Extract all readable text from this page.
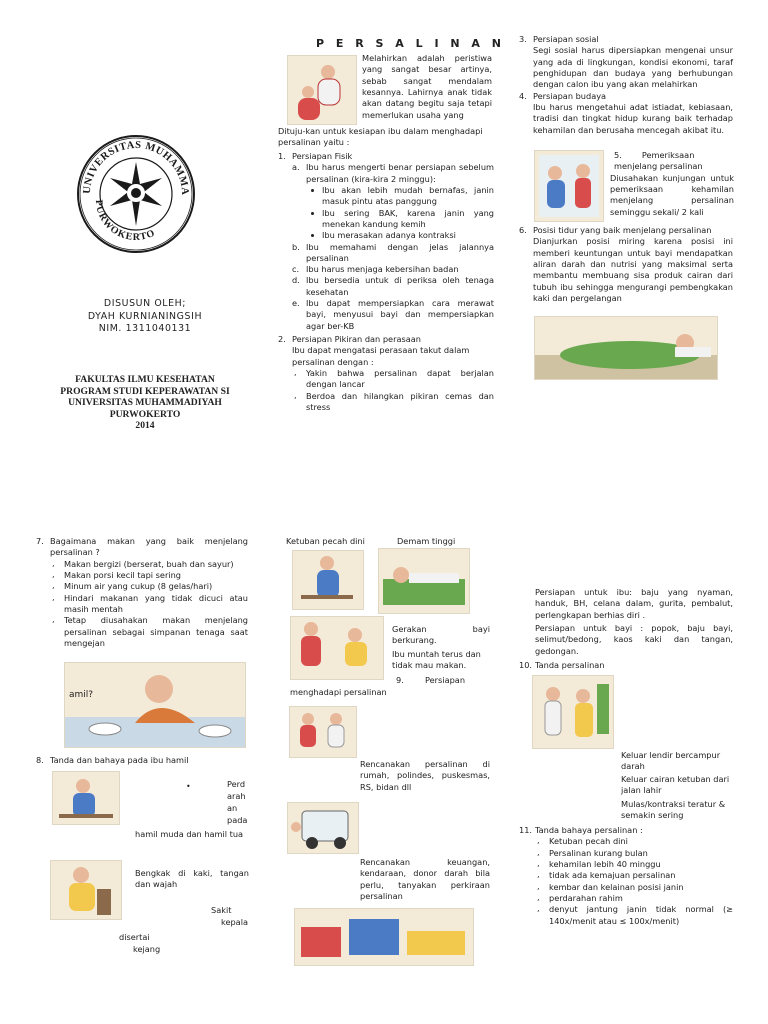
UNIVERSITAS MUHAMMA
PURWOKERTO
DISUSUN OLEH;
DYAH KURNIANINGSIH
NIM. 1311040131
FAKULTAS ILMU KESEHATAN
PROGRAM STUDI KEPERAWATAN SI
UNIVERSITAS MUHAMMADIYAH
PURWOKERTO
2014
P E R S A L I N A N
Melahirkan adalah peristiwa yang sangat besar artinya, sebab sangat mendalam kesannya. Lahirnya anak tidak akan datang begitu saja tetapi memerlukan usaha yang
Dituju-kan untuk kesiapan ibu dalam menghadapi persalinan yaitu :
1. Persiapan Fisik
a. Ibu harus mengerti benar persiapan sebelum persalinan (kira-kira 2 minggu):
Ibu akan lebih mudah bernafas, janin masuk pintu atas panggung
Ibu sering BAK, karena janin yang menekan kandung kemih
Ibu merasakan adanya kontraksi
b. Ibu memahami dengan jelas jalannya persalinan
c. Ibu harus menjaga kebersihan badan
d. Ibu bersedia untuk di periksa oleh tenaga kesehatan
e. Ibu dapat mempersiapkan cara merawat bayi, menyusui bayi dan mempersiapkan agar ber-KB
2. Persiapan Pikiran dan perasaan
Ibu dapat mengatasi perasaan takut dalam persalinan dengan :
, Yakin bahwa persalinan dapat berjalan dengan lancar
, Berdoa dan hilangkan pikiran cemas dan stress
3. Persiapan sosial
Segi sosial harus dipersiapkan mengenai unsur yang ada di lingkungan, kondisi ekonomi, taraf penghidupan dan budaya yang berhubungan dengan calon ibu yang akan melahirkan
4. Persiapan budaya
Ibu harus mengetahui adat istiadat, kebiasaan, tradisi dan tingkat hidup kurang baik terhadap kehamilan dan berusaha mencegah akibat itu.
5. Pemeriksaan menjelang persalinan
Diusahakan kunjungan untuk pemeriksaan kehamilan menjelang persalinan seminggu sekali/ 2 kali
6. Posisi tidur yang baik menjelang persalinan
Dianjurkan posisi miring karena posisi ini memberi keuntungan untuk bayi mendapatkan aliran darah dan nutrisi yang maksimal serta membantu membuang sisa produk cairan dari tubuh ibu sehingga mengurangi pembengkakan kaki dan pergelangan
7. Bagaimana makan yang baik menjelang persalinan ?
, Makan bergizi (berserat, buah dan sayur)
, Makan porsi kecil tapi sering
, Minum air yang cukup (8 gelas/hari)
, Hindari makanan yang tidak dicuci atau masih mentah
, Tetap diusahakan makan menjelang persalinan sebagai simpanan tenaga saat mengejan
amil?
8. Tanda dan bahaya pada ibu hamil
•	Perd
arah
an
pada
hamil muda dan hamil tua
Bengkak di kaki, tangan dan wajah
Sakit
kepala
disertai
kejang
Ketuban pecah dini	Demam tinggi
Gerakan bayi berkurang.
Ibu muntah terus dan tidak mau makan.
9.	Persiapan
menghadapi persalinan
Rencanakan persalinan di rumah, polindes, puskesmas, RS, bidan dll
Rencanakan keuangan, kendaraan, donor darah bila perlu, tanyakan perkiraan persalinan
Persiapan untuk ibu: baju yang nyaman, handuk, BH, celana dalam, gurita, pembalut, perlengkapan berhias diri .
Persiapan untuk bayi : popok, baju bayi, selimut/bedong, kaos kaki dan tangan, gedongan.
10. Tanda persalinan
Keluar lendir bercampur darah
Keluar cairan ketuban dari jalan lahir
Mulas/kontraksi teratur & semakin sering
11. Tanda bahaya persalinan :
, Ketuban pecah dini
, Persalinan kurang bulan
, kehamilan lebih 40 minggu
, tidak ada kemajuan persalinan
, kembar dan kelainan posisi janin
, perdarahan rahim
, denyut jantung janin tidak normal (≥ 140x/menit atau ≤ 100x/menit)
